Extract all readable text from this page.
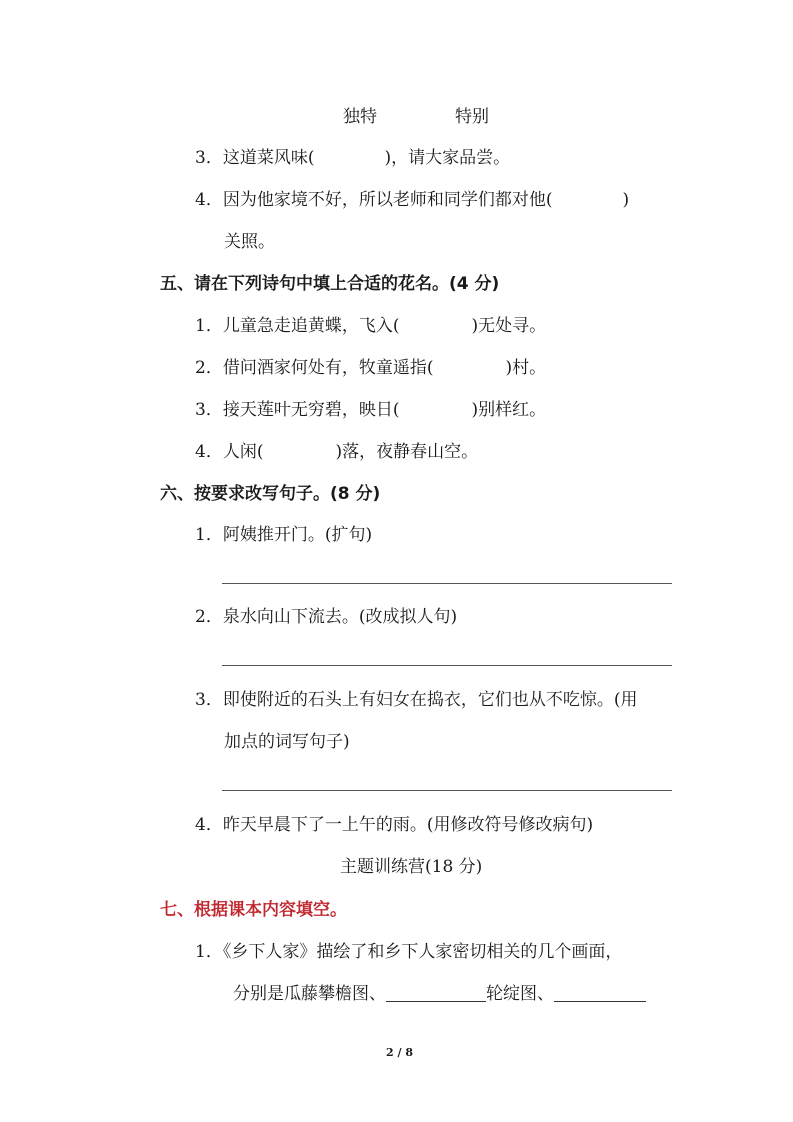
独特	特别
3．这道菜风味(	)，请大家品尝。
4．因为他家境不好，所以老师和同学们都对他(	)
关照。
五、请在下列诗句中填上合适的花名。(4 分)
1．儿童急走追黄蝶，飞入(	)无处寻。
2．借问酒家何处有，牧童遥指(	)村。
3．接天莲叶无穷碧，映日(	)别样红。
4．人闲(	)落，夜静春山空。
六、按要求改写句子。(8 分)
1．阿姨推开门。(扩句)
2．泉水向山下流去。(改成拟人句)
3．即使附近的石头上有妇女在捣衣，它们也从不吃惊。(用
加点的词写句子)
4．昨天早晨下了一上午的雨。(用修改符号修改病句)
主题训练营(18 分)
七、根据课本内容填空。
1．《乡下人家》描绘了和乡下人家密切相关的几个画面，
分别是瓜藤攀檐图、	轮绽图、
2 / 8
